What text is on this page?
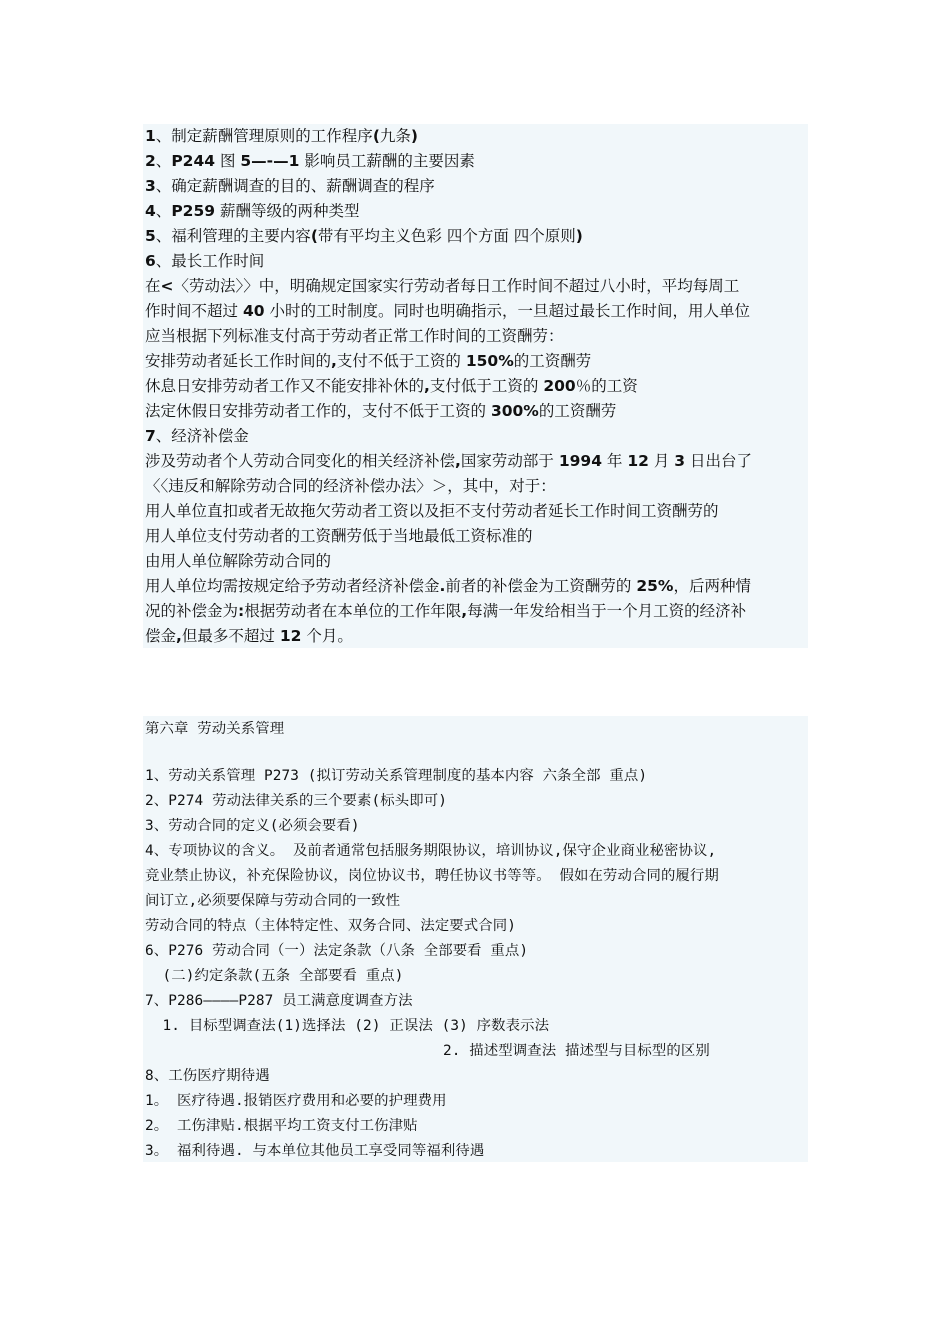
1、制定薪酬管理原则的工作程序(九条)
2、P244 图 5—-—1 影响员工薪酬的主要因素
3、确定薪酬调查的目的、薪酬调查的程序
4、P259 薪酬等级的两种类型
5、福利管理的主要内容(带有平均主义色彩 四个方面 四个原则)
6、最长工作时间
在<〈劳动法〉〉中，明确规定国家实行劳动者每日工作时间不超过八小时，平均每周工
作时间不超过 40 小时的工时制度。同时也明确指示，一旦超过最长工作时间，用人单位
应当根据下列标准支付高于劳动者正常工作时间的工资酬劳：
安排劳动者延长工作时间的,支付不低于工资的 150%的工资酬劳
休息日安排劳动者工作又不能安排补休的,支付低于工资的 200％的工资
法定休假日安排劳动者工作的，支付不低于工资的 300%的工资酬劳
7、经济补偿金
涉及劳动者个人劳动合同变化的相关经济补偿,国家劳动部于 1994 年 12 月 3 日出台了
〈〈违反和解除劳动合同的经济补偿办法〉＞，其中，对于：
用人单位直扣或者无故拖欠劳动者工资以及拒不支付劳动者延长工作时间工资酬劳的
用人单位支付劳动者的工资酬劳低于当地最低工资标准的
由用人单位解除劳动合同的
用人单位均需按规定给予劳动者经济补偿金.前者的补偿金为工资酬劳的 25%，后两种情
况的补偿金为:根据劳动者在本单位的工作年限,每满一年发给相当于一个月工资的经济补
偿金,但最多不超过 12 个月。
第六章 劳动关系管理
1、劳动关系管理 P273 (拟订劳动关系管理制度的基本内容 六条全部 重点)
2、P274 劳动法律关系的三个要素(标头即可)
3、劳动合同的定义(必须会要看)
4、专项协议的含义。 及前者通常包括服务期限协议，培训协议,保守企业商业秘密协议,
竞业禁止协议，补充保险协议，岗位协议书，聘任协议书等等。 假如在劳动合同的履行期
间订立,必须要保障与劳动合同的一致性
劳动合同的特点（主体特定性、双务合同、法定要式合同)
6、P276 劳动合同（一）法定条款（八条 全部要看 重点)
(二)约定条款(五条 全部要看 重点)
7、P286————P287 员工满意度调查方法
1. 目标型调查法(1)选择法 (2) 正误法 (3) 序数表示法
2. 描述型调查法 描述型与目标型的区别
8、工伤医疗期待遇
1。 医疗待遇.报销医疗费用和必要的护理费用
2。 工伤津贴.根据平均工资支付工伤津贴
3。 福利待遇. 与本单位其他员工享受同等福利待遇
